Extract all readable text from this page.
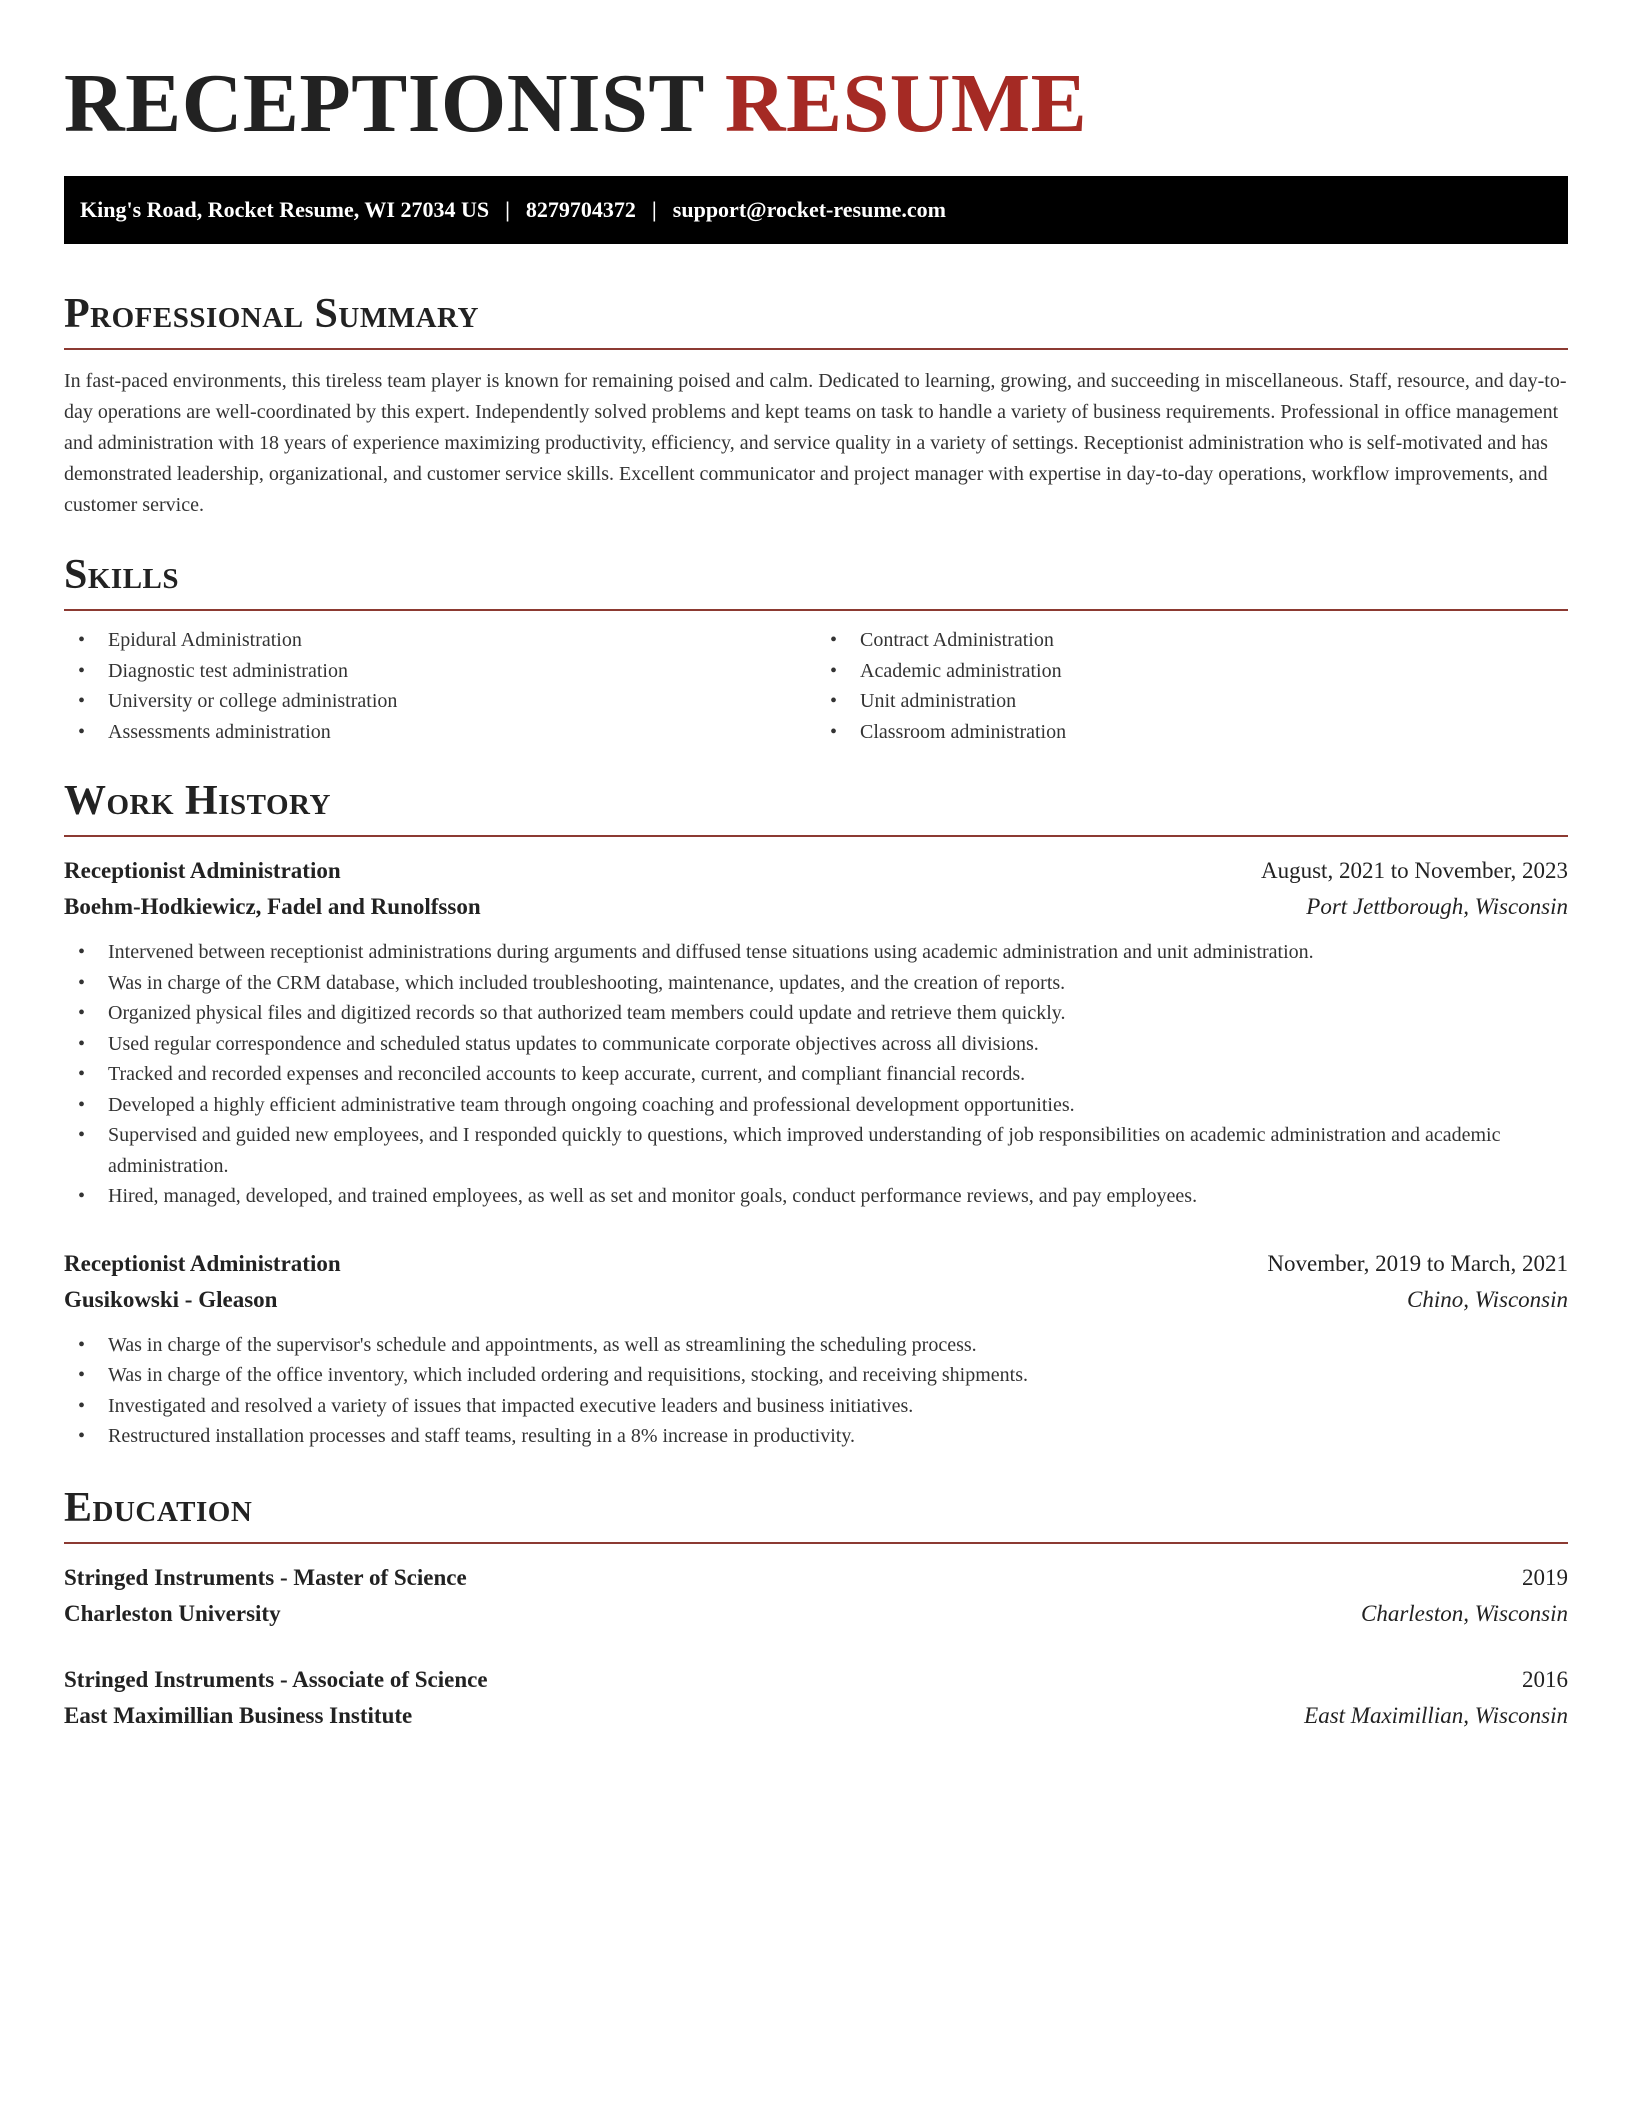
RECEPTIONIST RESUME
King's Road, Rocket Resume, WI 27034 US | 8279704372 | support@rocket-resume.com
Professional Summary

In fast-paced environments, this tireless team player is known for remaining poised and calm. Dedicated to learning, growing, and succeeding in miscellaneous. Staff, resource, and day-to-day operations are well-coordinated by this expert. Independently solved problems and kept teams on task to handle a variety of business requirements. Professional in office management and administration with 18 years of experience maximizing productivity, efficiency, and service quality in a variety of settings. Receptionist administration who is self-motivated and has demonstrated leadership, organizational, and customer service skills. Excellent communicator and project manager with expertise in day-to-day operations, workflow improvements, and customer service.

Skills
• Epidural Administration
• Diagnostic test administration
• University or college administration
• Assessments administration
• Contract Administration
• Academic administration
• Unit administration
• Classroom administration
Work History
Receptionist Administration	August, 2021 to November, 2023
Boehm-Hodkiewicz, Fadel and Runolfsson	Port Jettborough, Wisconsin
• Intervened between receptionist administrations during arguments and diffused tense situations using academic administration and unit administration.
• Was in charge of the CRM database, which included troubleshooting, maintenance, updates, and the creation of reports.
• Organized physical files and digitized records so that authorized team members could update and retrieve them quickly.
• Used regular correspondence and scheduled status updates to communicate corporate objectives across all divisions.
• Tracked and recorded expenses and reconciled accounts to keep accurate, current, and compliant financial records.
• Developed a highly efficient administrative team through ongoing coaching and professional development opportunities.
• Supervised and guided new employees, and I responded quickly to questions, which improved understanding of job responsibilities on academic administration and academic administration.
• Hired, managed, developed, and trained employees, as well as set and monitor goals, conduct performance reviews, and pay employees.
Receptionist Administration	November, 2019 to March, 2021
Gusikowski - Gleason	Chino, Wisconsin
• Was in charge of the supervisor's schedule and appointments, as well as streamlining the scheduling process.
• Was in charge of the office inventory, which included ordering and requisitions, stocking, and receiving shipments.
• Investigated and resolved a variety of issues that impacted executive leaders and business initiatives.
• Restructured installation processes and staff teams, resulting in a 8% increase in productivity.
Education
Stringed Instruments - Master of Science	2019
Charleston University	Charleston, Wisconsin
Stringed Instruments - Associate of Science	2016
East Maximillian Business Institute	East Maximillian, Wisconsin
